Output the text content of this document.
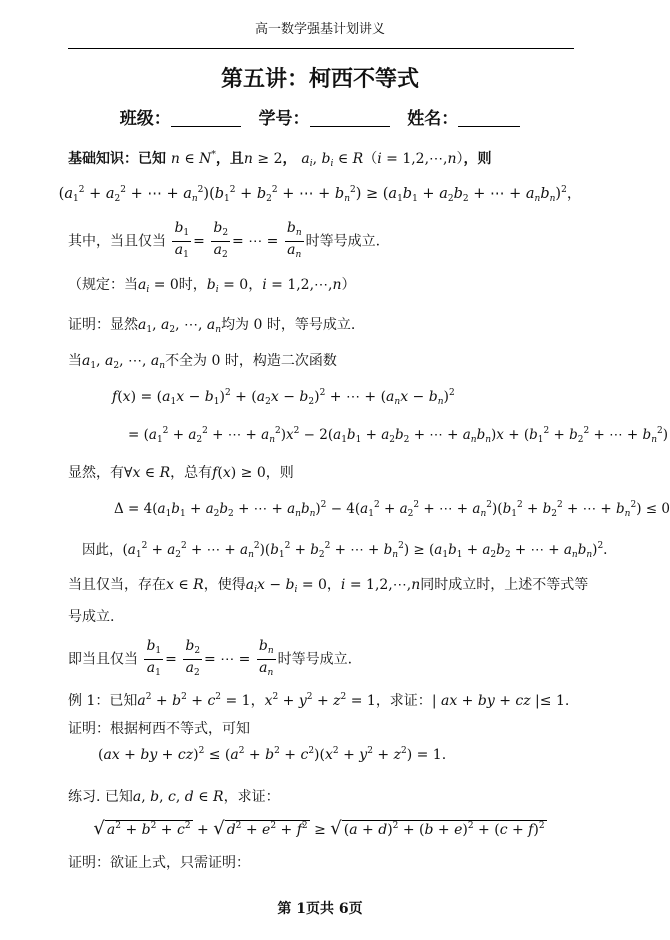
高一数学强基计划讲义
第五讲：柯西不等式
班级：	学号：	姓名：
基础知识：已知 n ∈ N*，且n ≥ 2， $a_i$, $b_i$ ∈ R（i = 1,2,⋯,n），则
($a_1^2 + a_2^2$ + ⋯ + $a_n^2)(b_1^2 + b_2^2$ + ⋯ + $b_n^2) \ge (a_1b_1 + a_2b_2$ + ⋯ + $a_nb_n)^2$，
其中，当且仅当 $\frac{b_1}{a_1} = \frac{b_2}{a_2}$ = ⋯ = $\frac{b_n}{a_n}$ 时等号成立.
（规定：当$a_i = 0$时，$b_i = 0$，i = 1,2,⋯,n）
证明：显然$a_1$, $a_2$, ⋯, $a_n$均为 0 时，等号成立.
当$a_1$, $a_2$, ⋯, $a_n$不全为 0 时，构造二次函数
$f(x) = (a_1x - b_1)^2 + (a_2x - b_2)^2$ + ⋯ + $(a_nx - b_n)^2$
= ($a_1^2 + a_2^2$ + ⋯ + $a_n^2)x^2 - 2(a_1b_1 + a_2b_2$ + ⋯ + $a_nb_n)x + (b_1^2 + b_2^2$ + ⋯ + $b_n^2$)
显然，有∀x ∈ R，总有f(x) ≥ 0，则
$\Delta = 4(a_1b_1 + a_2b_2$ + ⋯ + $a_nb_n)^2 - 4(a_1^2 + a_2^2$ + ⋯ + $a_n^2)(b_1^2 + b_2^2$ + ⋯ + $b_n^2) \le 0$
因此，($a_1^2 + a_2^2$ + ⋯ + $a_n^2)(b_1^2 + b_2^2$ + ⋯ + $b_n^2) \ge (a_1b_1 + a_2b_2$ + ⋯ + $a_nb_n)^2$.
当且仅当，存在x ∈ R，使得$a_ix - b_i = 0$，i = 1,2,⋯,n同时成立时，上述不等式等
号成立.
即当且仅当 $\frac{b_1}{a_1} = \frac{b_2}{a_2}$ = ⋯ = $\frac{b_n}{a_n}$ 时等号成立.
例 1：已知$a^2 + b^2 + c^2 = 1$，$x^2 + y^2 + z^2 = 1$，求证：| ax + by + cz |≤ 1.
证明：根据柯西不等式，可知
(ax + by + $cz)^2 \le (a^2 + b^2 + c^2)(x^2 + y^2 + z^2) = 1$.
练习. 已知a, b, c, d ∈ R，求证：
√ $a^2 + b^2 + c^2$ + √ $d^2 + e^2 + f^2$ ≥ √ $(a + d)^2 + (b + e)^2 + (c + f)^2$
证明：欲证上式，只需证明：
第 1页共 6页
